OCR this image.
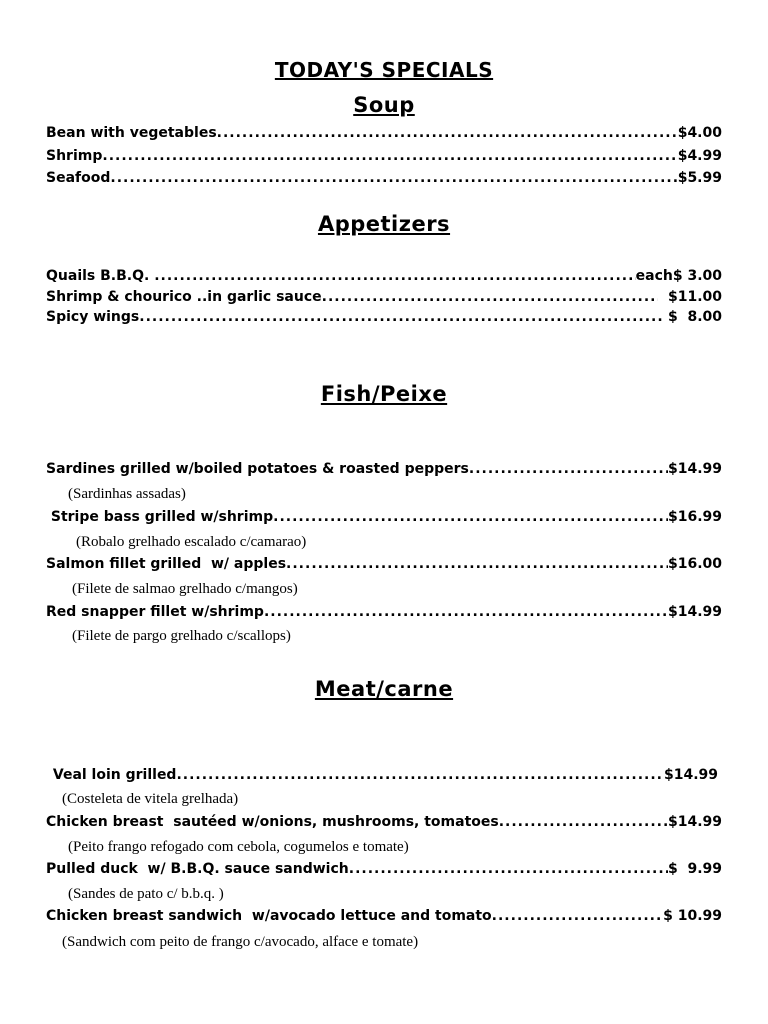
TODAY'S SPECIALS
Soup
Bean with vegetables .....	$4.00
Shrimp .....	$4.99
Seafood .....	$5.99
Appetizers
Quails B.B.Q. .....	each$ 3.00
Shrimp & chourico ..in garlic sauce .....	$11.00
Spicy wings .....	$  8.00
Fish/Peixe
Sardines grilled w/boiled potatoes & roasted peppers .....	$14.99
(Sardinhas assadas)
Stripe bass grilled w/shrimp .....	$16.99
(Robalo grelhado escalado c/camarao)
Salmon fillet grilled  w/ apples .....	$16.00
(Filete de salmao grelhado c/mangos)
Red snapper fillet w/shrimp .....	$14.99
(Filete de pargo grelhado c/scallops)
Meat/carne
Veal loin grilled .....	$14.99
(Costeleta de vitela grelhada)
Chicken breast  sautéed w/onions, mushrooms, tomatoes .....	$14.99
(Peito frango refogado com cebola, cogumelos e tomate)
Pulled duck  w/ B.B.Q. sauce sandwich .....	$  9.99
(Sandes de pato c/ b.b.q. )
Chicken breast sandwich  w/avocado lettuce and tomato .....	$ 10.99
(Sandwich com peito de frango c/avocado, alface e tomate)
